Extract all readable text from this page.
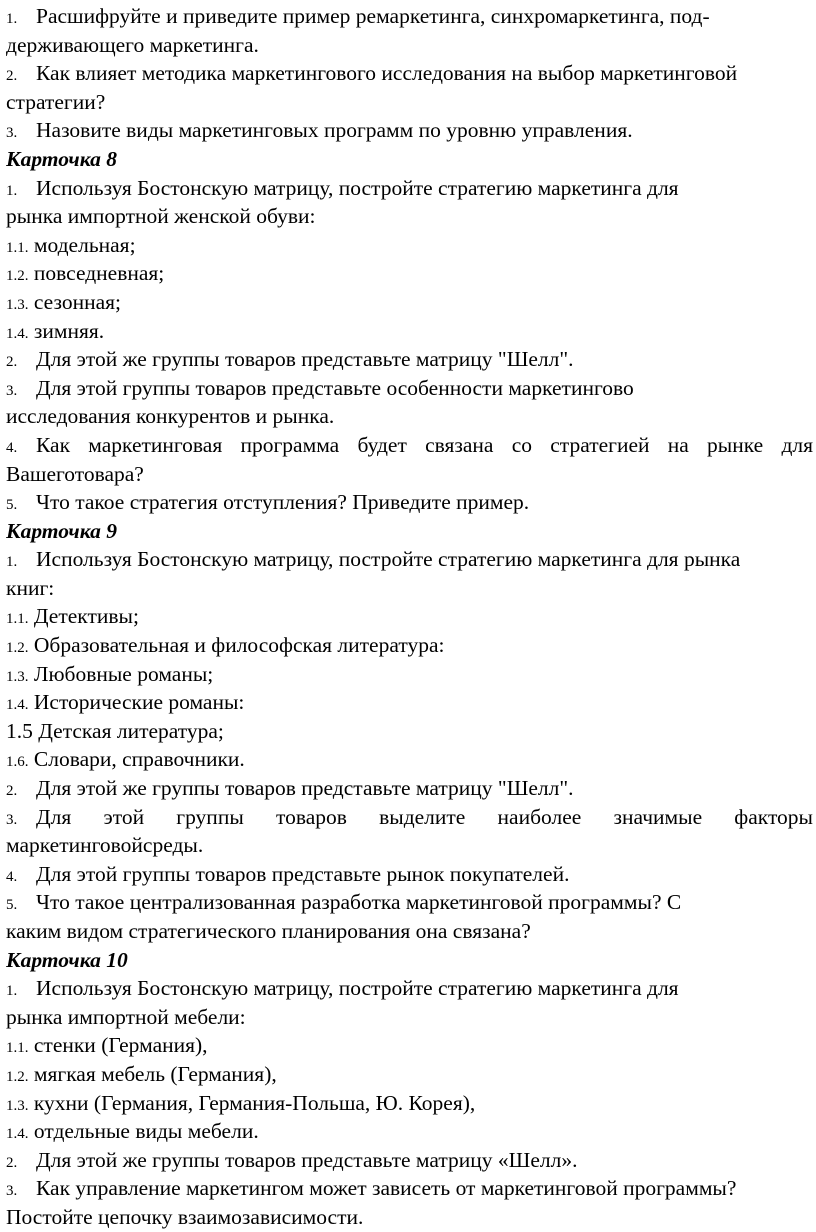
1. Расшифруйте и приведите пример ремаркетинга, синхромаркетинга, под-
держивающего маркетинга.
2. Как влияет методика маркетингового исследования на выбор маркетинговой
стратегии?
3. Назовите виды маркетинговых программ по уровню управления.
Карточка 8
1. Используя Бостонскую матрицу, постройте стратегию маркетинга для
рынка импортной женской обуви:
1.1. модельная;
1.2. повседневная;
1.3. сезонная;
1.4. зимняя.
2. Для этой же группы товаров представьте матрицу "Шелл".
3. Для этой группы товаров представьте особенности маркетингово
исследования конкурентов и рынка.
4. Как маркетинговая программа будет связана со стратегией на рынке для
Вашеготовара?
5. Что такое стратегия отступления? Приведите пример.
Карточка 9
1. Используя Бостонскую матрицу, постройте стратегию маркетинга для рынка
книг:
1.1. Детективы;
1.2. Образовательная и философская литература:
1.3. Любовные романы;
1.4. Исторические романы:
1.5 Детская литература;
1.6. Словари, справочники.
2. Для этой же группы товаров представьте матрицу "Шелл".
3. Для этой группы товаров выделите наиболее значимые факторы
маркетинговойсреды.
4. Для этой группы товаров представьте рынок покупателей.
5. Что такое централизованная разработка маркетинговой программы? С
каким видом стратегического планирования она связана?
Карточка 10
1. Используя Бостонскую матрицу, постройте стратегию маркетинга для
рынка импортной мебели:
1.1. стенки (Германия),
1.2. мягкая мебель (Германия),
1.3. кухни (Германия, Германия-Польша, Ю. Корея),
1.4. отдельные виды мебели.
2. Для этой же группы товаров представьте матрицу «Шелл».
3. Как управление маркетингом может зависеть от маркетинговой программы?
Постойте цепочку взаимозависимости.
